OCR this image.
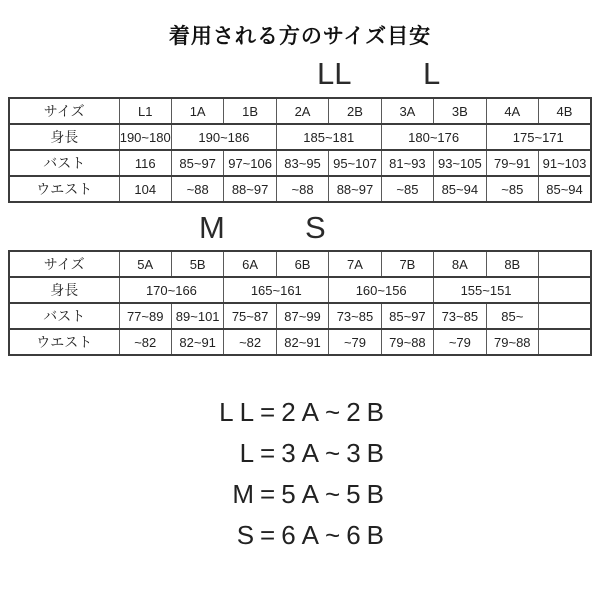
着用される方のサイズ目安
LL L
サイズ	L1	1A	1B	2A	2B	3A	3B	4A	4B
身長	190~180	190~186		185~181		180~176		175~171	
バスト	116	85~97	97~106	83~95	95~107	81~93	93~105	79~91	91~103
ウエスト	104	~88	88~97	~88	88~97	~85	85~94	~85	85~94
M	S
サイズ	5A	5B	6A	6B	7A	7B	8A	8B	
身長	170~166		165~161		160~156		155~151		
バスト	77~89	89~101	75~87	87~99	73~85	85~97	73~85	85~	
ウエスト	~82	82~91	~82	82~91	~79	79~88	~79	79~88	
LL=2A~2B
L=3A~3B
M=5A~5B
S=6A~6B
